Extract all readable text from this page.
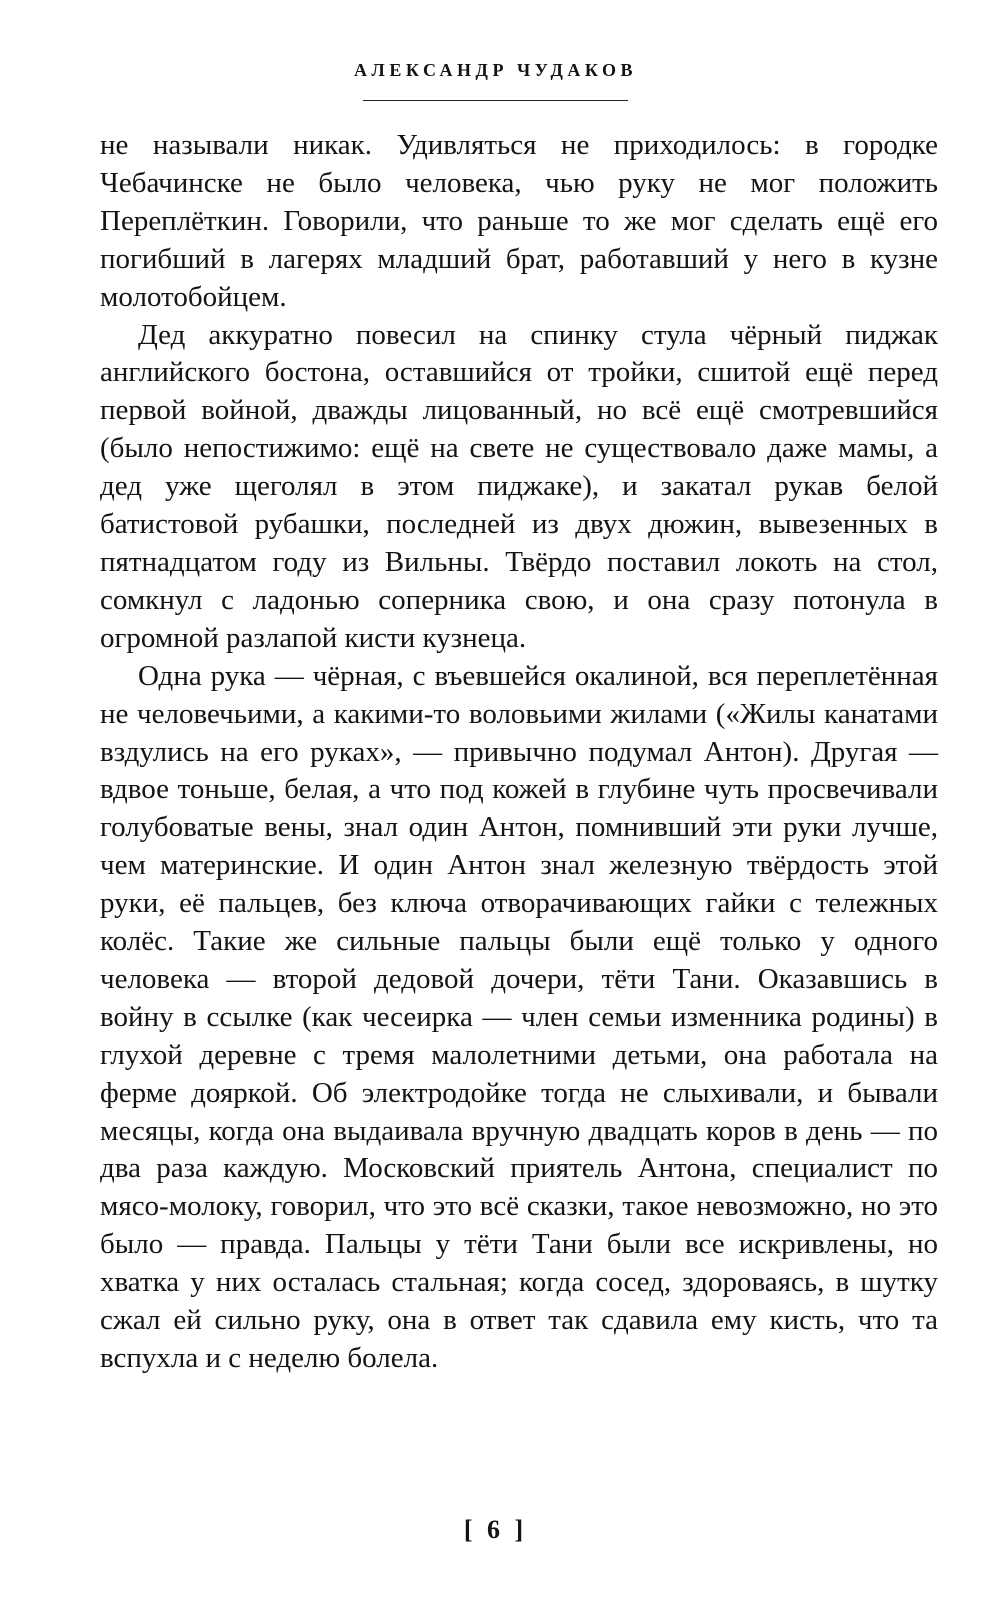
АЛЕКСАНДР ЧУДАКОВ

не называли никак. Удивляться не приходилось: в городке Чебачинске не было человека, чью руку не мог положить Переплёткин. Говорили, что раньше то же мог сделать ещё его погибший в лагерях младший брат, работавший у него в кузне молотобойцем.

Дед аккуратно повесил на спинку стула чёрный пиджак английского бостона, оставшийся от тройки, сшитой ещё перед первой войной, дважды лицованный, но всё ещё смотревшийся (было непостижимо: ещё на свете не существовало даже мамы, а дед уже щеголял в этом пиджаке), и закатал рукав белой батистовой рубашки, последней из двух дюжин, вывезенных в пятнадцатом году из Вильны. Твёрдо поставил локоть на стол, сомкнул с ладонью соперника свою, и она сразу потонула в огромной разлапой кисти кузнеца.

Одна рука — чёрная, с въевшейся окалиной, вся переплетённая не человечьими, а какими-то воловьими жилами («Жилы канатами вздулись на его руках», — привычно подумал Антон). Другая — вдвое тоньше, белая, а что под кожей в глубине чуть просвечивали голубоватые вены, знал один Антон, помнивший эти руки лучше, чем материнские. И один Антон знал железную твёрдость этой руки, её пальцев, без ключа отворачивающих гайки с тележных колёс. Такие же сильные пальцы были ещё только у одного человека — второй дедовой дочери, тёти Тани. Оказавшись в войну в ссылке (как чесеирка — член семьи изменника родины) в глухой деревне с тремя малолетними детьми, она работала на ферме дояркой. Об электродойке тогда не слыхивали, и бывали месяцы, когда она выдаивала вручную двадцать коров в день — по два раза каждую. Московский приятель Антона, специалист по мясо-молоку, говорил, что это всё сказки, такое невозможно, но это было — правда. Пальцы у тёти Тани были все искривлены, но хватка у них осталась стальная; когда сосед, здороваясь, в шутку сжал ей сильно руку, она в ответ так сдавила ему кисть, что та вспухла и с неделю болела.

[ 6 ]
